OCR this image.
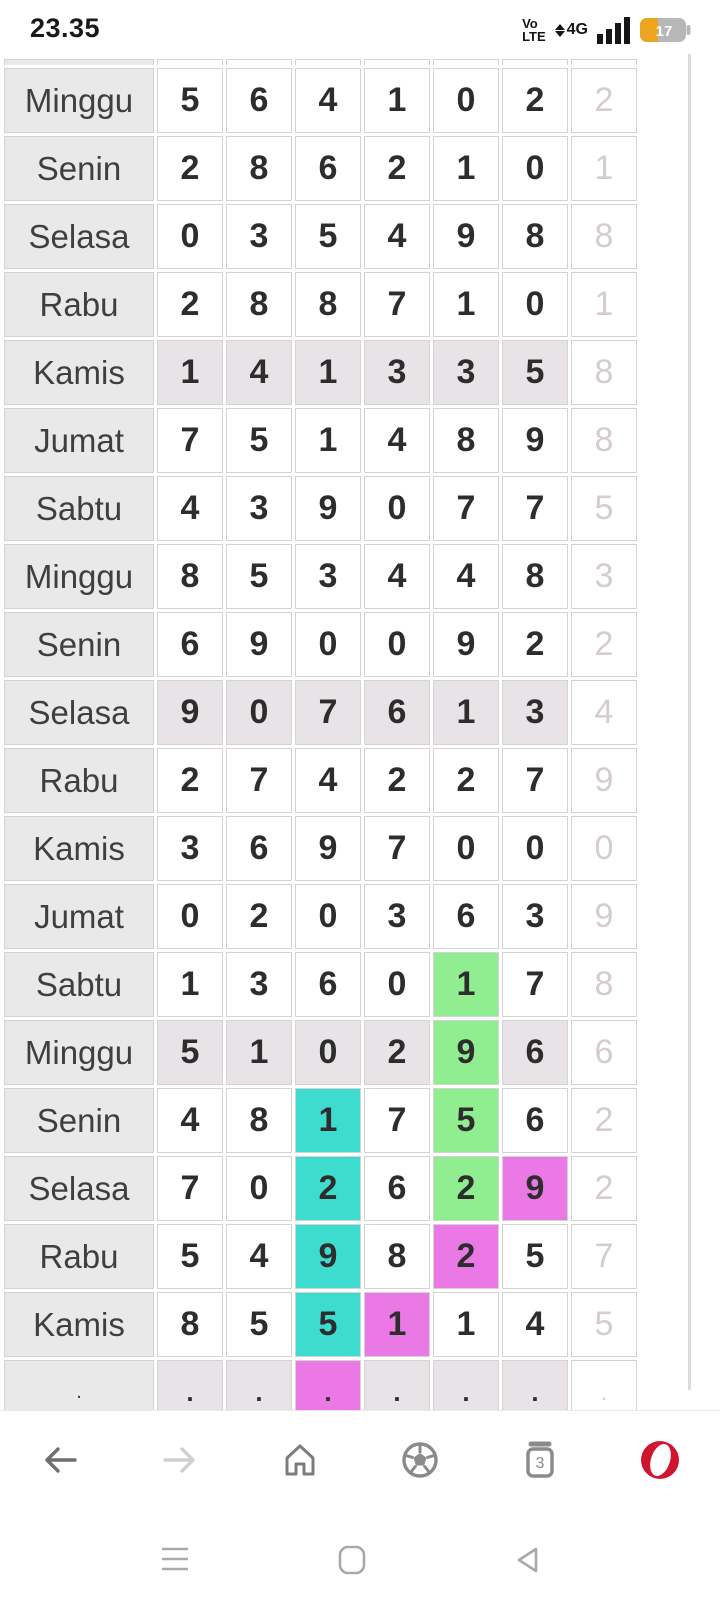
23.35	Vo
LTE 4G	17

Minggu	5	6	4	1	0	2	2
Senin	2	8	6	2	1	0	1
Selasa	0	3	5	4	9	8	8
Rabu	2	8	8	7	1	0	1
Kamis	1	4	1	3	3	5	8
Jumat	7	5	1	4	8	9	8
Sabtu	4	3	9	0	7	7	5
Minggu	8	5	3	4	4	8	3
Senin	6	9	0	0	9	2	2
Selasa	9	0	7	6	1	3	4
Rabu	2	7	4	2	2	7	9
Kamis	3	6	9	7	0	0	0
Jumat	0	2	0	3	6	3	9
Sabtu	1	3	6	0	1	7	8
Minggu	5	1	0	2	9	6	6
Senin	4	8	1	7	5	6	2
Selasa	7	0	2	6	2	9	2
Rabu	5	4	9	8	2	5	7
Kamis	8	5	5	1	1	4	5
.	.	.	.	.	.	.	.
3
